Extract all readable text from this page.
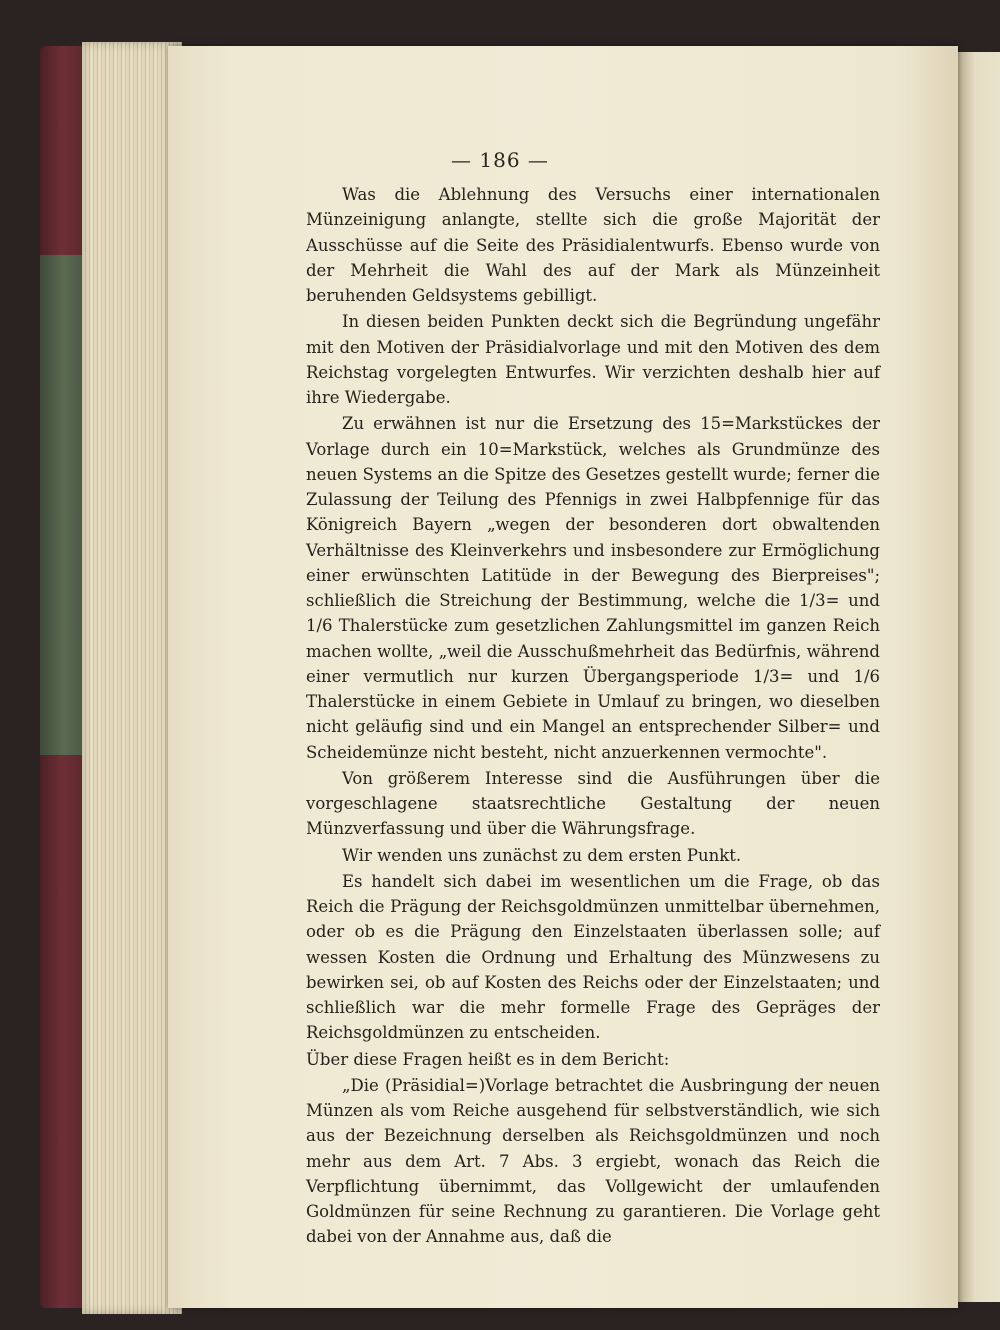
— 186 —

Was die Ablehnung des Versuchs einer internationalen Münzeinigung anlangte, stellte sich die große Majorität der Ausschüsse auf die Seite des Präsidialentwurfs. Ebenso wurde von der Mehrheit die Wahl des auf der Mark als Münzeinheit beruhenden Geldsystems gebilligt.

In diesen beiden Punkten deckt sich die Begründung ungefähr mit den Motiven der Präsidialvorlage und mit den Motiven des dem Reichstag vorgelegten Entwurfes. Wir verzichten deshalb hier auf ihre Wiedergabe.

Zu erwähnen ist nur die Ersetzung des 15=Markstückes der Vorlage durch ein 10=Markstück, welches als Grundmünze des neuen Systems an die Spitze des Gesetzes gestellt wurde; ferner die Zulassung der Teilung des Pfennigs in zwei Halbpfennige für das Königreich Bayern „wegen der besonderen dort obwaltenden Verhältnisse des Kleinverkehrs und insbesondere zur Ermöglichung einer erwünschten Latitüde in der Bewegung des Bierpreises"; schließlich die Streichung der Bestimmung, welche die 1/3= und 1/6 Thalerstücke zum gesetzlichen Zahlungsmittel im ganzen Reich machen wollte, „weil die Ausschußmehrheit das Bedürfnis, während einer vermutlich nur kurzen Übergangsperiode 1/3= und 1/6 Thalerstücke in einem Gebiete in Umlauf zu bringen, wo dieselben nicht geläufig sind und ein Mangel an entsprechender Silber= und Scheidemünze nicht besteht, nicht anzuerkennen vermochte".

Von größerem Interesse sind die Ausführungen über die vorgeschlagene staatsrechtliche Gestaltung der neuen Münzverfassung und über die Währungsfrage.

Wir wenden uns zunächst zu dem ersten Punkt.

Es handelt sich dabei im wesentlichen um die Frage, ob das Reich die Prägung der Reichsgoldmünzen unmittelbar übernehmen, oder ob es die Prägung den Einzelstaaten überlassen solle; auf wessen Kosten die Ordnung und Erhaltung des Münzwesens zu bewirken sei, ob auf Kosten des Reichs oder der Einzelstaaten; und schließlich war die mehr formelle Frage des Gepräges der Reichsgoldmünzen zu entscheiden.

Über diese Fragen heißt es in dem Bericht:

„Die (Präsidial=)Vorlage betrachtet die Ausbringung der neuen Münzen als vom Reiche ausgehend für selbstverständlich, wie sich aus der Bezeichnung derselben als Reichsgoldmünzen und noch mehr aus dem Art. 7 Abs. 3 ergiebt, wonach das Reich die Verpflichtung übernimmt, das Vollgewicht der umlaufenden Goldmünzen für seine Rechnung zu garantieren. Die Vorlage geht dabei von der Annahme aus, daß die
